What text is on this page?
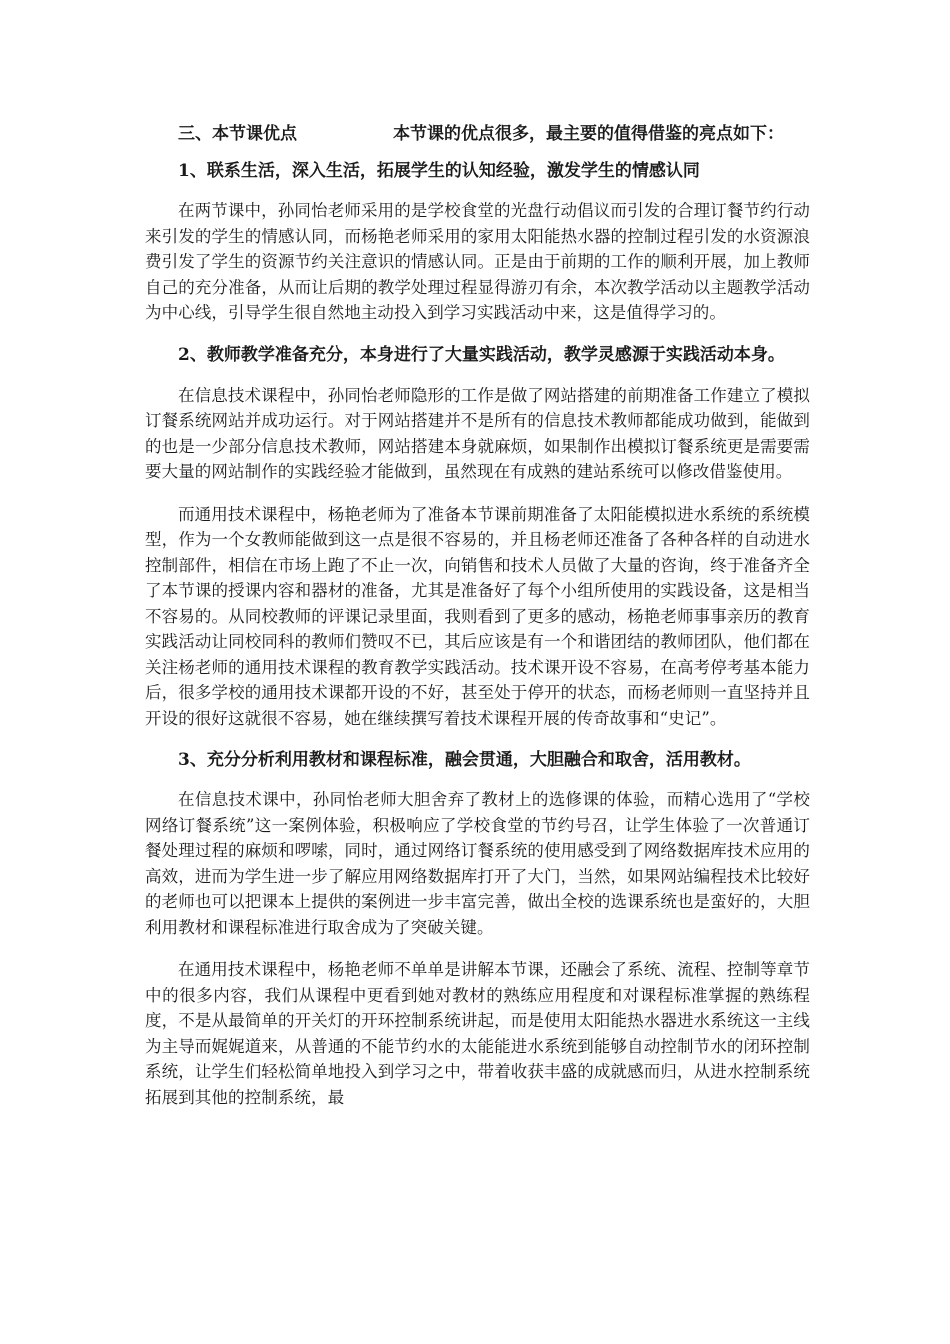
三、本节课优点	本节课的优点很多，最主要的值得借鉴的亮点如下：

1、联系生活，深入生活，拓展学生的认知经验，激发学生的情感认同

在两节课中，孙同怡老师采用的是学校食堂的光盘行动倡议而引发的合理订餐节约行动来引发的学生的情感认同，而杨艳老师采用的家用太阳能热水器的控制过程引发的水资源浪费引发了学生的资源节约关注意识的情感认同。正是由于前期的工作的顺利开展，加上教师自己的充分准备，从而让后期的教学处理过程显得游刃有余，本次教学活动以主题教学活动为中心线，引导学生很自然地主动投入到学习实践活动中来，这是值得学习的。

2、教师教学准备充分，本身进行了大量实践活动，教学灵感源于实践活动本身。

在信息技术课程中，孙同怡老师隐形的工作是做了网站搭建的前期准备工作建立了模拟订餐系统网站并成功运行。对于网站搭建并不是所有的信息技术教师都能成功做到，能做到的也是一少部分信息技术教师，网站搭建本身就麻烦，如果制作出模拟订餐系统更是需要需要大量的网站制作的实践经验才能做到，虽然现在有成熟的建站系统可以修改借鉴使用。

而通用技术课程中，杨艳老师为了准备本节课前期准备了太阳能模拟进水系统的系统模型，作为一个女教师能做到这一点是很不容易的，并且杨老师还准备了各种各样的自动进水控制部件，相信在市场上跑了不止一次，向销售和技术人员做了大量的咨询，终于准备齐全了本节课的授课内容和器材的准备，尤其是准备好了每个小组所使用的实践设备，这是相当不容易的。从同校教师的评课记录里面，我则看到了更多的感动，杨艳老师事事亲历的教育实践活动让同校同科的教师们赞叹不已，其后应该是有一个和谐团结的教师团队，他们都在关注杨老师的通用技术课程的教育教学实践活动。技术课开设不容易，在高考停考基本能力后，很多学校的通用技术课都开设的不好，甚至处于停开的状态，而杨老师则一直坚持并且开设的很好这就很不容易，她在继续撰写着技术课程开展的传奇故事和“史记”。

3、充分分析利用教材和课程标准，融会贯通，大胆融合和取舍，活用教材。

在信息技术课中，孙同怡老师大胆舍弃了教材上的选修课的体验，而精心选用了“学校网络订餐系统”这一案例体验，积极响应了学校食堂的节约号召，让学生体验了一次普通订餐处理过程的麻烦和啰嗦，同时，通过网络订餐系统的使用感受到了网络数据库技术应用的高效，进而为学生进一步了解应用网络数据库打开了大门，当然，如果网站编程技术比较好的老师也可以把课本上提供的案例进一步丰富完善，做出全校的选课系统也是蛮好的，大胆利用教材和课程标准进行取舍成为了突破关键。

在通用技术课程中，杨艳老师不单单是讲解本节课，还融会了系统、流程、控制等章节中的很多内容，我们从课程中更看到她对教材的熟练应用程度和对课程标准掌握的熟练程度，不是从最简单的开关灯的开环控制系统讲起，而是使用太阳能热水器进水系统这一主线为主导而娓娓道来，从普通的不能节约水的太能能进水系统到能够自动控制节水的闭环控制系统，让学生们轻松简单地投入到学习之中，带着收获丰盛的成就感而归，从进水控制系统拓展到其他的控制系统，最
